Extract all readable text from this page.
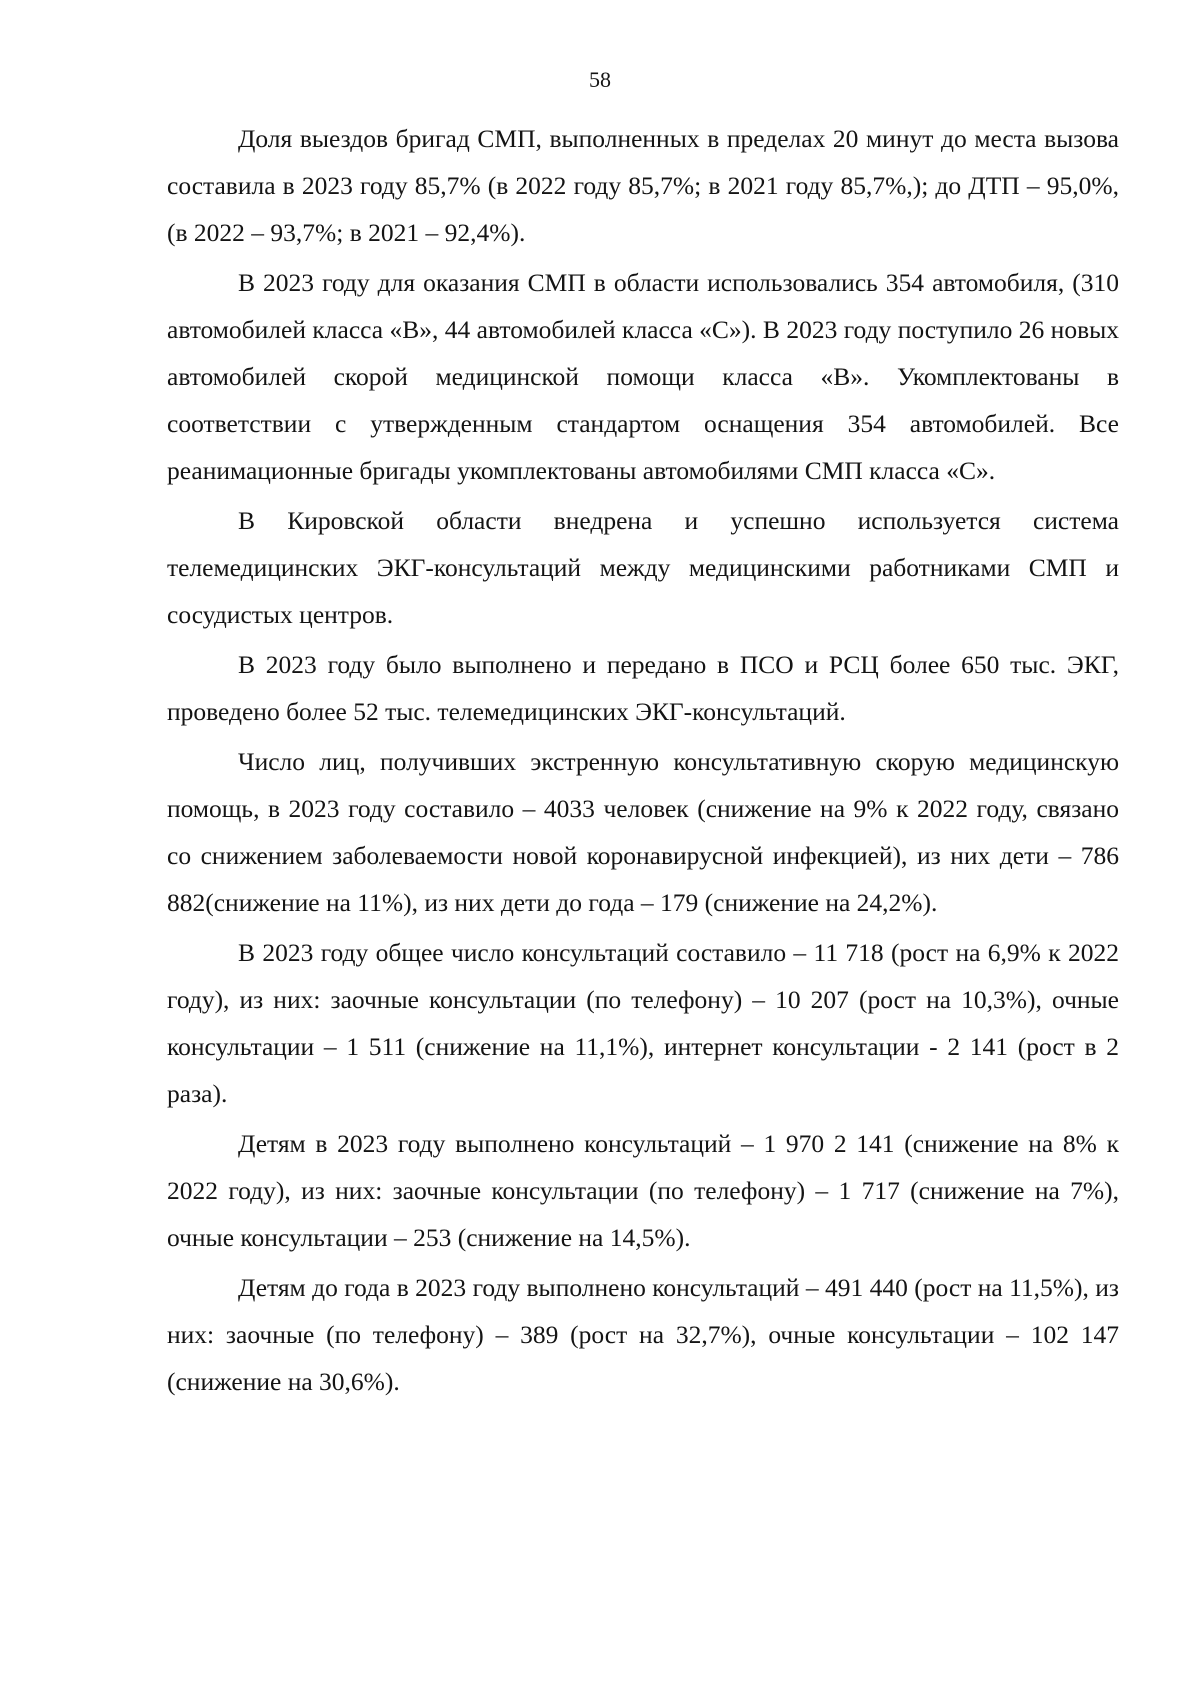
58

Доля выездов бригад СМП, выполненных в пределах 20 минут до места вызова составила в 2023 году 85,7% (в 2022 году 85,7%; в 2021 году 85,7%,); до ДТП – 95,0%, (в 2022 – 93,7%; в 2021 – 92,4%).

В 2023 году для оказания СМП в области использовались 354 автомобиля, (310 автомобилей класса «В», 44 автомобилей класса «С»). В 2023 году поступило 26 новых автомобилей скорой медицинской помощи класса «В». Укомплектованы в соответствии с утвержденным стандартом оснащения 354 автомобилей. Все реанимационные бригады укомплектованы автомобилями СМП класса «С».

В Кировской области внедрена и успешно используется система телемедицинских ЭКГ-консультаций между медицинскими работниками СМП и сосудистых центров.

В 2023 году было выполнено и передано в ПСО и РСЦ более 650 тыс. ЭКГ, проведено более 52 тыс. телемедицинских ЭКГ-консультаций.

Число лиц, получивших экстренную консультативную скорую медицинскую помощь, в 2023 году составило – 4033 человек (снижение на 9% к 2022 году, связано со снижением заболеваемости новой коронавирусной инфекцией), из них дети – 786 882(снижение на 11%), из них дети до года – 179 (снижение на 24,2%).

В 2023 году общее число консультаций составило – 11 718 (рост на 6,9% к 2022 году), из них: заочные консультации (по телефону) – 10 207 (рост на 10,3%), очные консультации – 1 511 (снижение на 11,1%), интернет консультации - 2 141 (рост в 2 раза).

Детям в 2023 году выполнено консультаций – 1 970 2 141 (снижение на 8% к 2022 году), из них: заочные консультации (по телефону) – 1 717 (снижение на 7%), очные консультации – 253 (снижение на 14,5%).

Детям до года в 2023 году выполнено консультаций – 491 440 (рост на 11,5%), из них: заочные (по телефону) – 389 (рост на 32,7%), очные консультации – 102 147 (снижение на 30,6%).
